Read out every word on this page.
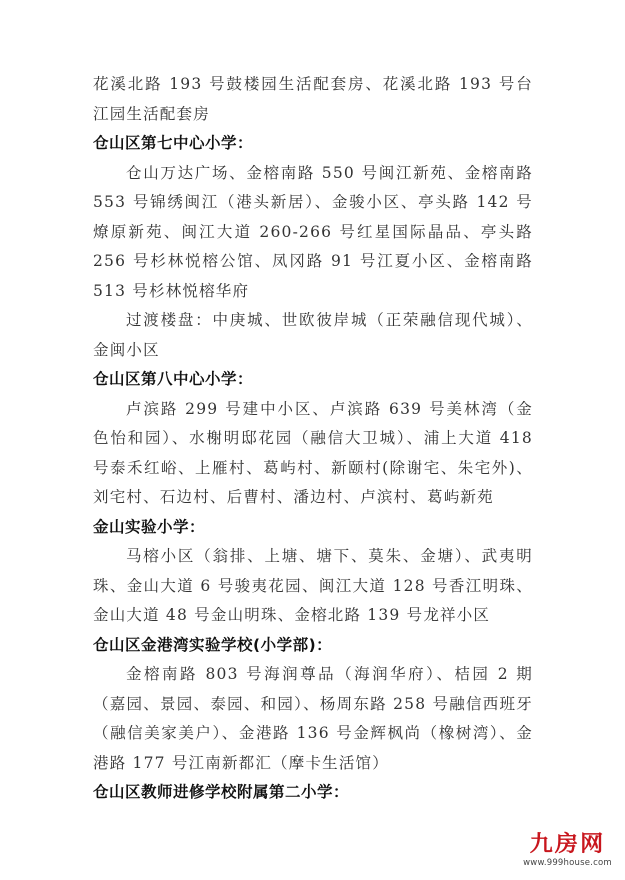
花溪北路 193 号鼓楼园生活配套房、花溪北路 193 号台江园生活配套房

仓山区第七中心小学：

仓山万达广场、金榕南路 550 号闽江新苑、金榕南路 553 号锦绣闽江（港头新居）、金骏小区、亭头路 142 号燎原新苑、闽江大道 260-266 号红星国际晶品、亭头路 256 号杉林悦榕公馆、凤冈路 91 号江夏小区、金榕南路 513 号杉林悦榕华府

过渡楼盘：中庚城、世欧彼岸城（正荣融信现代城）、金闽小区

仓山区第八中心小学：

卢滨路 299 号建中小区、卢滨路 639 号美林湾（金色怡和园）、水榭明邸花园（融信大卫城）、浦上大道 418 号泰禾红峪、上雁村、葛屿村、新颐村(除谢宅、朱宅外)、刘宅村、石边村、后曹村、潘边村、卢滨村、葛屿新苑

金山实验小学：

马榕小区（翁排、上塘、塘下、莫朱、金塘）、武夷明珠、金山大道 6 号骏夷花园、闽江大道 128 号香江明珠、金山大道 48 号金山明珠、金榕北路 139 号龙祥小区

仓山区金港湾实验学校(小学部)：

金榕南路 803 号海润尊品（海润华府）、桔园 2 期（嘉园、景园、泰园、和园）、杨周东路 258 号融信西班牙（融信美家美户）、金港路 136 号金辉枫尚（橡树湾）、金港路 177 号江南新都汇（摩卡生活馆）

仓山区教师进修学校附属第二小学：
九房网
www.999house.com
